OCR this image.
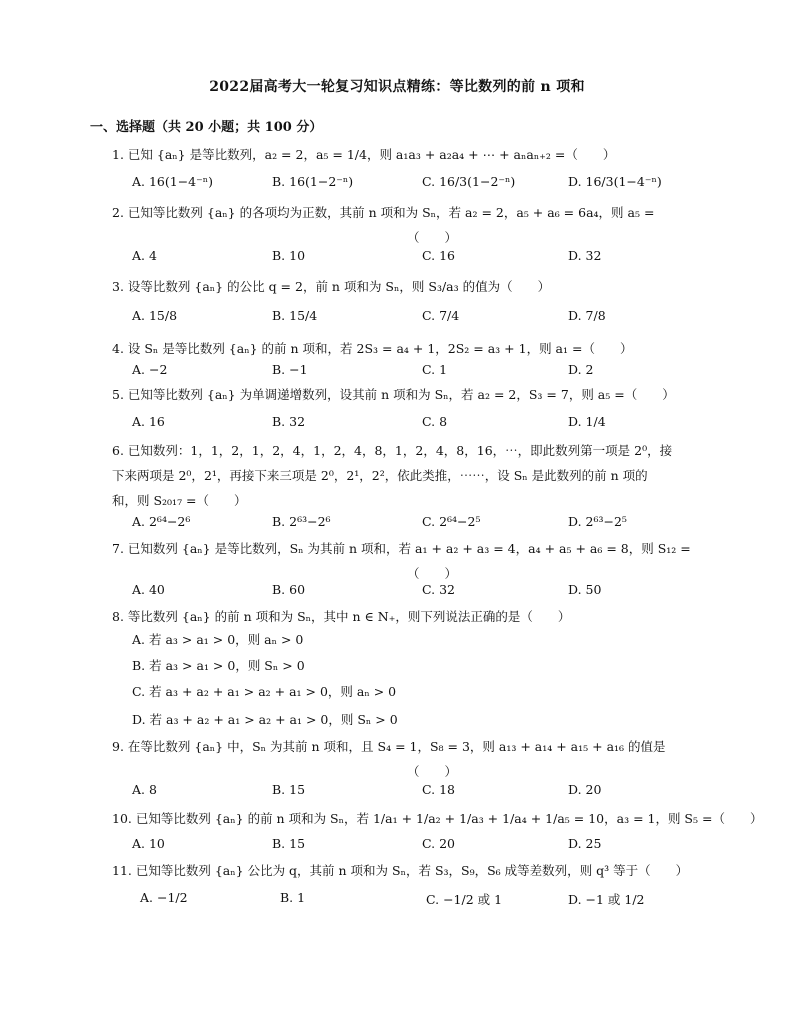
2022届高考大一轮复习知识点精练：等比数列的前 n 项和
一、选择题（共 20 小题；共 100 分）
1. 已知 {aₙ} 是等比数列，a₂ = 2，a₅ = 1/4，则 a₁a₃ + a₂a₄ + ⋯ + aₙaₙ₊₂ =（　　）
A. 16(1−4⁻ⁿ)	B. 16(1−2⁻ⁿ)	C. 16/3(1−2⁻ⁿ)	D. 16/3(1−4⁻ⁿ)
2. 已知等比数列 {aₙ} 的各项均为正数，其前 n 项和为 Sₙ，若 a₂ = 2，a₅ + a₆ = 6a₄，则 a₅ =
（　　）
A. 4	B. 10	C. 16	D. 32
3. 设等比数列 {aₙ} 的公比 q = 2，前 n 项和为 Sₙ，则 S₃/a₃ 的值为（　　）
A. 15/8	B. 15/4	C. 7/4	D. 7/8
4. 设 Sₙ 是等比数列 {aₙ} 的前 n 项和，若 2S₃ = a₄ + 1，2S₂ = a₃ + 1，则 a₁ =（　　）
A. −2	B. −1	C. 1	D. 2
5. 已知等比数列 {aₙ} 为单调递增数列，设其前 n 项和为 Sₙ，若 a₂ = 2，S₃ = 7，则 a₅ =（　　）
A. 16	B. 32	C. 8	D. 1/4
6. 已知数列：1，1，2，1，2，4，1，2，4，8，1，2，4，8，16，⋯，即此数列第一项是 2⁰，接
下来两项是 2⁰，2¹，再接下来三项是 2⁰，2¹，2²，依此类推，⋯⋯，设 Sₙ 是此数列的前 n 项的
和，则 S₂₀₁₇ =（　　）
A. 2⁶⁴−2⁶	B. 2⁶³−2⁶	C. 2⁶⁴−2⁵	D. 2⁶³−2⁵
7. 已知数列 {aₙ} 是等比数列，Sₙ 为其前 n 项和，若 a₁ + a₂ + a₃ = 4，a₄ + a₅ + a₆ = 8，则 S₁₂ =
（　　）
A. 40	B. 60	C. 32	D. 50
8. 等比数列 {aₙ} 的前 n 项和为 Sₙ，其中 n ∈ N₊，则下列说法正确的是（　　）
A. 若 a₃ > a₁ > 0，则 aₙ > 0
B. 若 a₃ > a₁ > 0，则 Sₙ > 0
C. 若 a₃ + a₂ + a₁ > a₂ + a₁ > 0，则 aₙ > 0
D. 若 a₃ + a₂ + a₁ > a₂ + a₁ > 0，则 Sₙ > 0
9. 在等比数列 {aₙ} 中，Sₙ 为其前 n 项和，且 S₄ = 1，S₈ = 3，则 a₁₃ + a₁₄ + a₁₅ + a₁₆ 的值是
（　　）
A. 8	B. 15	C. 18	D. 20
10. 已知等比数列 {aₙ} 的前 n 项和为 Sₙ，若 1/a₁ + 1/a₂ + 1/a₃ + 1/a₄ + 1/a₅ = 10，a₃ = 1，则 S₅ =（　　）
A. 10	B. 15	C. 20	D. 25
11. 已知等比数列 {aₙ} 公比为 q，其前 n 项和为 Sₙ，若 S₃，S₉，S₆ 成等差数列，则 q³ 等于（　　）
A. −1/2	B. 1	C. −1/2 或 1	D. −1 或 1/2
